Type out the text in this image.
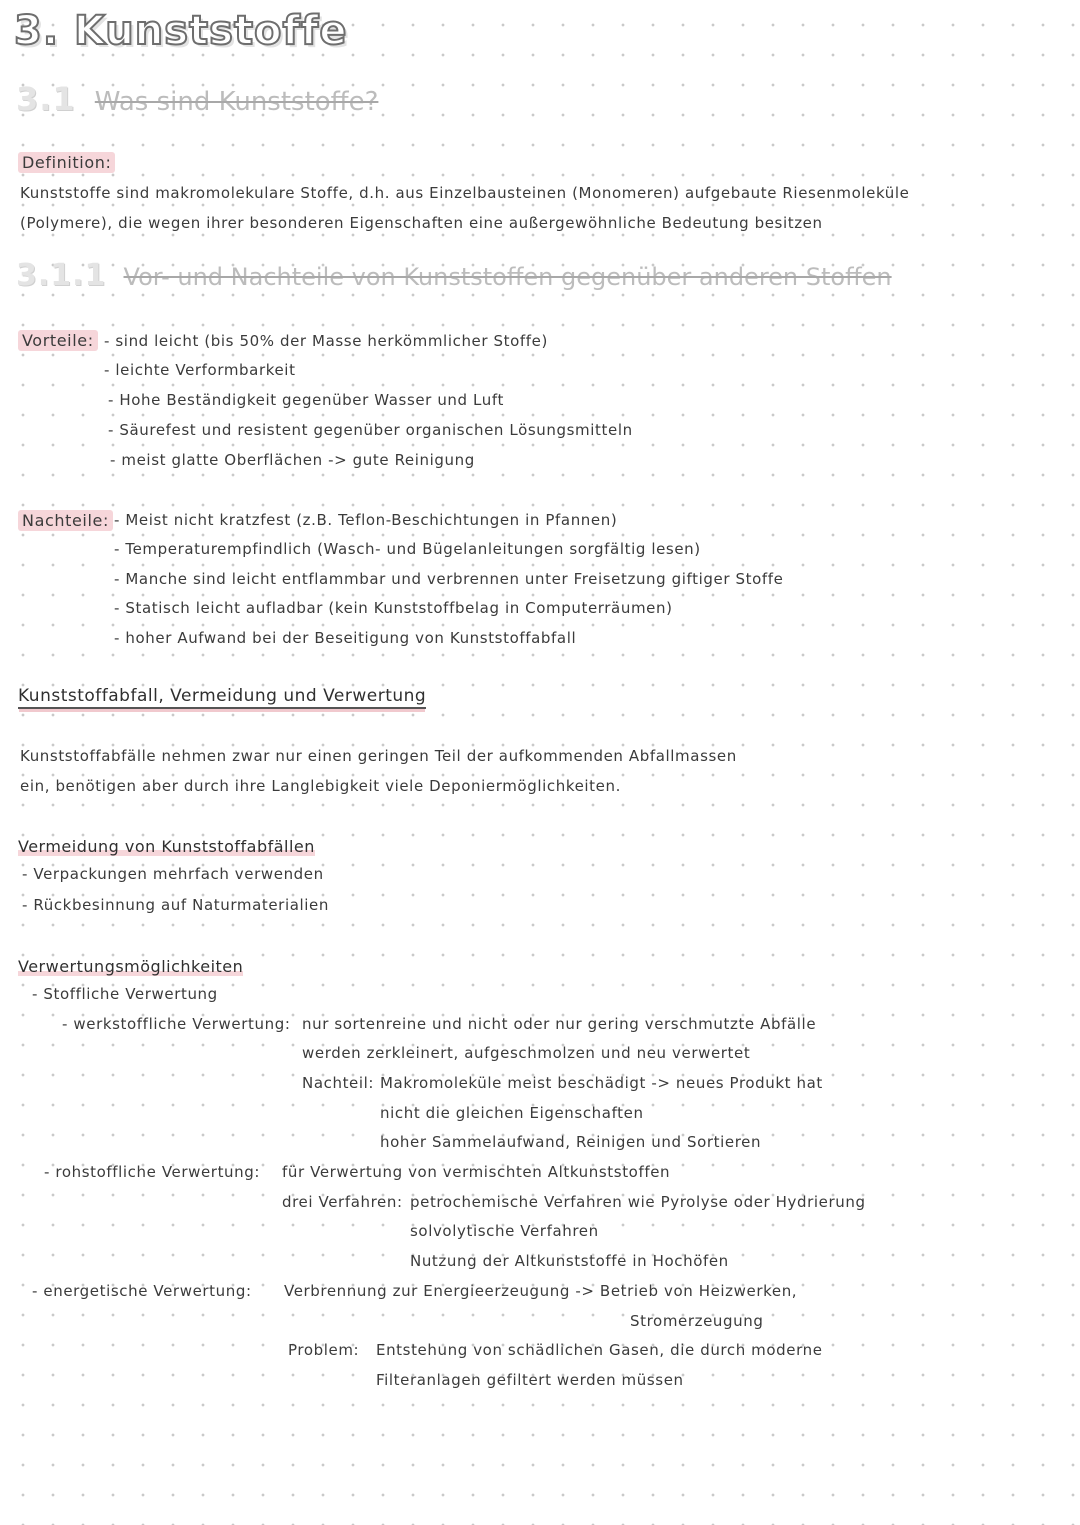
3. Kunststoffe
3.1 Was sind Kunststoffe?
Definition:
Kunststoffe sind makromolekulare Stoffe, d.h. aus Einzelbausteinen (Monomeren) aufgebaute Riesenmoleküle
(Polymere), die wegen ihrer besonderen Eigenschaften eine außergewöhnliche Bedeutung besitzen
3.1.1 Vor- und Nachteile von Kunststoffen gegenüber anderen Stoffen
Vorteile: - sind leicht (bis 50% der Masse herkömmlicher Stoffe)
- leichte Verformbarkeit
- Hohe Beständigkeit gegenüber Wasser und Luft
- Säurefest und resistent gegenüber organischen Lösungsmitteln
- meist glatte Oberflächen -> gute Reinigung
Nachteile: - Meist nicht kratzfest (z.B. Teflon-Beschichtungen in Pfannen)
- Temperaturempfindlich (Wasch- und Bügelanleitungen sorgfältig lesen)
- Manche sind leicht entflammbar und verbrennen unter Freisetzung giftiger Stoffe
- Statisch leicht aufladbar (kein Kunststoffbelag in Computerräumen)
- hoher Aufwand bei der Beseitigung von Kunststoffabfall
Kunststoffabfall, Vermeidung und Verwertung
Kunststoffabfälle nehmen zwar nur einen geringen Teil der aufkommenden Abfallmassen
ein, benötigen aber durch ihre Langlebigkeit viele Deponiermöglichkeiten.
Vermeidung von Kunststoffabfällen
- Verpackungen mehrfach verwenden
- Rückbesinnung auf Naturmaterialien
Verwertungsmöglichkeiten
- Stoffliche Verwertung
- werkstoffliche Verwertung: nur sortenreine und nicht oder nur gering verschmutzte Abfälle
werden zerkleinert, aufgeschmolzen und neu verwertet
Nachteil: Makromoleküle meist beschädigt -> neues Produkt hat
nicht die gleichen Eigenschaften
hoher Sammelaufwand, Reinigen und Sortieren
- rohstoffliche Verwertung: für Verwertung von vermischten Altkunststoffen
drei Verfahren: petrochemische Verfahren wie Pyrolyse oder Hydrierung
solvolytische Verfahren
Nutzung der Altkunststoffe in Hochöfen
- energetische Verwertung: Verbrennung zur Energieerzeugung -> Betrieb von Heizwerken,
Stromerzeugung
Problem: Entstehung von schädlichen Gasen, die durch moderne
Filteranlagen gefiltert werden müssen
